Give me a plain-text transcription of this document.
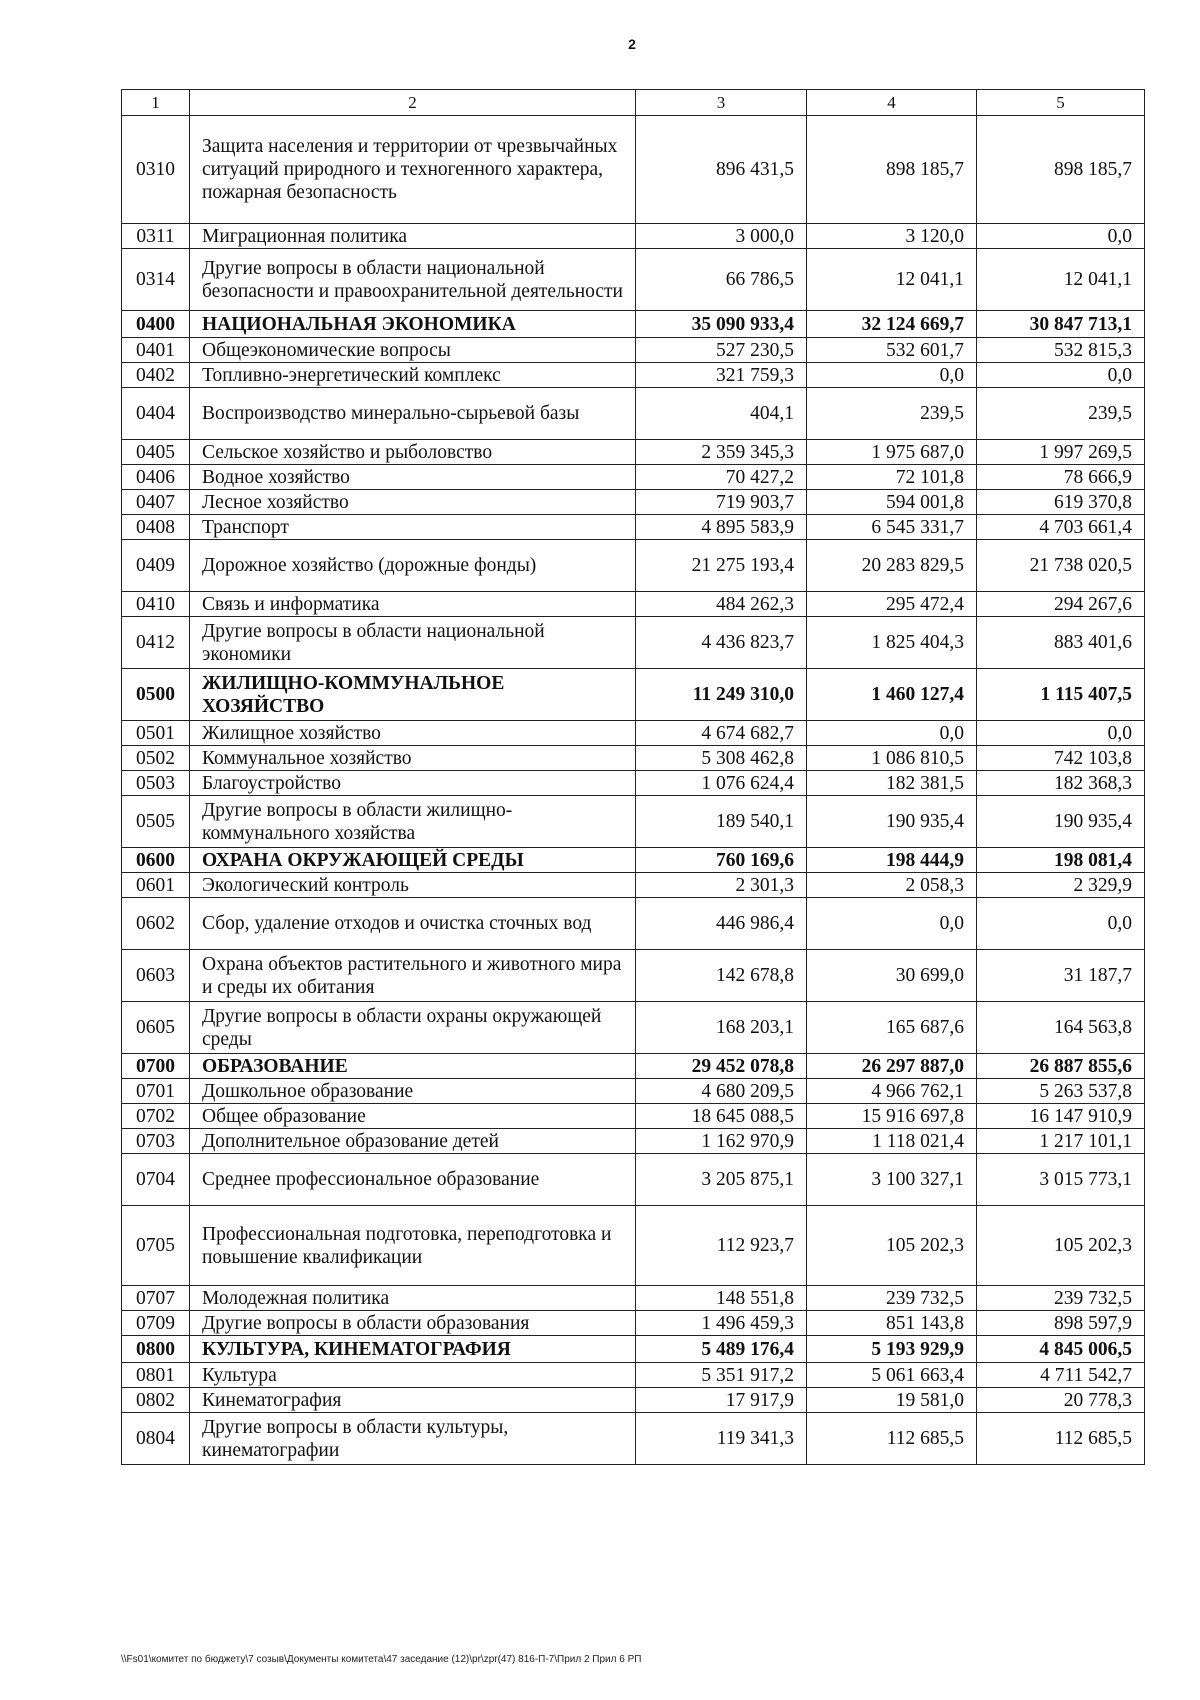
2
1	2	3	4	5
0310	Защита населения и территории от чрезвычайных ситуаций природного и техногенного характера, пожарная безопасность	896 431,5	898 185,7	898 185,7
0311	Миграционная политика	3 000,0	3 120,0	0,0
0314	Другие вопросы в области национальной безопасности и правоохранительной деятельности	66 786,5	12 041,1	12 041,1
0400	НАЦИОНАЛЬНАЯ ЭКОНОМИКА	35 090 933,4	32 124 669,7	30 847 713,1
0401	Общеэкономические вопросы	527 230,5	532 601,7	532 815,3
0402	Топливно-энергетический комплекс	321 759,3	0,0	0,0
0404	Воспроизводство минерально-сырьевой базы	404,1	239,5	239,5
0405	Сельское хозяйство и рыболовство	2 359 345,3	1 975 687,0	1 997 269,5
0406	Водное хозяйство	70 427,2	72 101,8	78 666,9
0407	Лесное хозяйство	719 903,7	594 001,8	619 370,8
0408	Транспорт	4 895 583,9	6 545 331,7	4 703 661,4
0409	Дорожное хозяйство (дорожные фонды)	21 275 193,4	20 283 829,5	21 738 020,5
0410	Связь и информатика	484 262,3	295 472,4	294 267,6
0412	Другие вопросы в области национальной экономики	4 436 823,7	1 825 404,3	883 401,6
0500	ЖИЛИЩНО-КОММУНАЛЬНОЕ ХОЗЯЙСТВО	11 249 310,0	1 460 127,4	1 115 407,5
0501	Жилищное хозяйство	4 674 682,7	0,0	0,0
0502	Коммунальное хозяйство	5 308 462,8	1 086 810,5	742 103,8
0503	Благоустройство	1 076 624,4	182 381,5	182 368,3
0505	Другие вопросы в области жилищно-коммунального хозяйства	189 540,1	190 935,4	190 935,4
0600	ОХРАНА ОКРУЖАЮЩЕЙ СРЕДЫ	760 169,6	198 444,9	198 081,4
0601	Экологический контроль	2 301,3	2 058,3	2 329,9
0602	Сбор, удаление отходов и очистка сточных вод	446 986,4	0,0	0,0
0603	Охрана объектов растительного и животного мира и среды их обитания	142 678,8	30 699,0	31 187,7
0605	Другие вопросы в области охраны окружающей среды	168 203,1	165 687,6	164 563,8
0700	ОБРАЗОВАНИЕ	29 452 078,8	26 297 887,0	26 887 855,6
0701	Дошкольное образование	4 680 209,5	4 966 762,1	5 263 537,8
0702	Общее образование	18 645 088,5	15 916 697,8	16 147 910,9
0703	Дополнительное образование детей	1 162 970,9	1 118 021,4	1 217 101,1
0704	Среднее профессиональное образование	3 205 875,1	3 100 327,1	3 015 773,1
0705	Профессиональная подготовка, переподготовка и повышение квалификации	112 923,7	105 202,3	105 202,3
0707	Молодежная политика	148 551,8	239 732,5	239 732,5
0709	Другие вопросы в области образования	1 496 459,3	851 143,8	898 597,9
0800	КУЛЬТУРА, КИНЕМАТОГРАФИЯ	5 489 176,4	5 193 929,9	4 845 006,5
0801	Культура	5 351 917,2	5 061 663,4	4 711 542,7
0802	Кинематография	17 917,9	19 581,0	20 778,3
0804	Другие вопросы в области культуры, кинематографии	119 341,3	112 685,5	112 685,5
\\Fs01\комитет по бюджету\7 созыв\Документы комитета\47 заседание (12)\pr\zpr(47) 816-П-7\Прил 2 Прил 6 РП
